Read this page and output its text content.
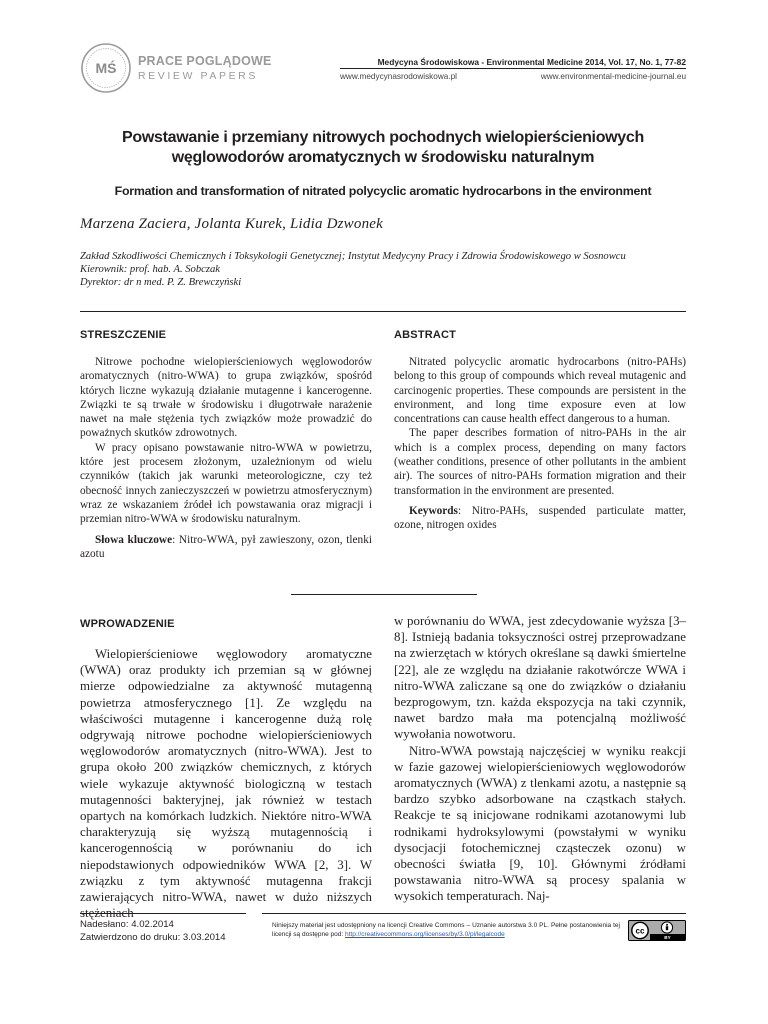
MŚ PRACE POGLĄDOWE
REVIEW PAPERS
Medycyna Środowiskowa - Environmental Medicine 2014, Vol. 17, No. 1, 77-82
www.medycynasrodowiskowa.pl	www.environmental-medicine-journal.eu
Powstawanie i przemiany nitrowych pochodnych wielopierścieniowych
węglowodorów aromatycznych w środowisku naturalnym
Formation and transformation of nitrated polycyclic aromatic hydrocarbons in the environment
Marzena Zaciera, Jolanta Kurek, Lidia Dzwonek
Zakład Szkodliwości Chemicznych i Toksykologii Genetycznej; Instytut Medycyny Pracy i Zdrowia Środowiskowego w Sosnowcu
Kierownik: prof. hab. A. Sobczak
Dyrektor: dr n med. P. Z. Brewczyński
STRESZCZENIE

Nitrowe pochodne wielopierścieniowych węglowodorów aromatycznych (nitro-WWA) to grupa związków, spośród których liczne wykazują działanie mutagenne i kancerogenne. Związki te są trwałe w środowisku i długotrwałe narażenie nawet na małe stężenia tych związków może prowadzić do poważnych skutków zdrowotnych.

W pracy opisano powstawanie nitro-WWA w powietrzu, które jest procesem złożonym, uzależnionym od wielu czynników (takich jak warunki meteorologiczne, czy też obecność innych zanieczyszczeń w powietrzu atmosferycznym) wraz ze wskazaniem źródeł ich powstawania oraz migracji i przemian nitro-WWA w środowisku naturalnym.

Słowa kluczowe: Nitro-WWA, pył zawieszony, ozon, tlenki azotu

ABSTRACT

Nitrated polycyclic aromatic hydrocarbons (nitro-PAHs) belong to this group of compounds which reveal mutagenic and carcinogenic properties. These compounds are persistent in the environment, and long time exposure even at low concentrations can cause health effect dangerous to a human.

The paper describes formation of nitro-PAHs in the air which is a complex process, depending on many factors (weather conditions, presence of other pollutants in the ambient air). The sources of nitro-PAHs formation migration and their transformation in the environment are presented.

Keywords: Nitro-PAHs, suspended particulate matter, ozone, nitrogen oxides

WPROWADZENIE

Wielopierścieniowe węglowodory aromatyczne (WWA) oraz produkty ich przemian są w głównej mierze odpowiedzialne za aktywność mutagenną powietrza atmosferycznego [1]. Ze względu na właściwości mutagenne i kancerogenne dużą rolę odgrywają nitrowe pochodne wielopierścieniowych węglowodorów aromatycznych (nitro-WWA). Jest to grupa około 200 związków chemicznych, z których wiele wykazuje aktywność biologiczną w testach mutagenności bakteryjnej, jak również w testach opartych na komórkach ludzkich. Niektóre nitro-WWA charakteryzują się wyższą mutagennością i kancerogennością w porównaniu do ich niepodstawionych odpowiedników WWA [2, 3]. W związku z tym aktywność mutagenna frakcji zawierających nitro-WWA, nawet w dużo niższych stężeniach

w porównaniu do WWA, jest zdecydowanie wyższa [3–8]. Istnieją badania toksyczności ostrej przeprowadzane na zwierzętach w których określane są dawki śmiertelne [22], ale ze względu na działanie rakotwórcze WWA i nitro-WWA zaliczane są one do związków o działaniu bezprogowym, tzn. każda ekspozycja na taki czynnik, nawet bardzo mała ma potencjalną możliwość wywołania nowotworu.

Nitro-WWA powstają najczęściej w wyniku reakcji w fazie gazowej wielopierścieniowych węglowodorów aromatycznych (WWA) z tlenkami azotu, a następnie są bardzo szybko adsorbowane na cząstkach stałych. Reakcje te są inicjowane rodnikami azotanowymi lub rodnikami hydroksylowymi (powstałymi w wyniku dysocjacji fotochemicznej cząsteczek ozonu) w obecności światła [9, 10]. Głównymi źródłami powstawania nitro-WWA są procesy spalania w wysokich temperaturach. Naj-

Nadesłano: 4.02.2014
Zatwierdzono do druku: 3.03.2014
Niniejszy materiał jest udostępniony na licencji Creative Commons – Uznanie autorstwa 3.0 PL. Pełne postanowienia tej licencji są dostępne pod: http://creativecommons.org/licenses/by/3.0/pl/legalcode	cc
BY
